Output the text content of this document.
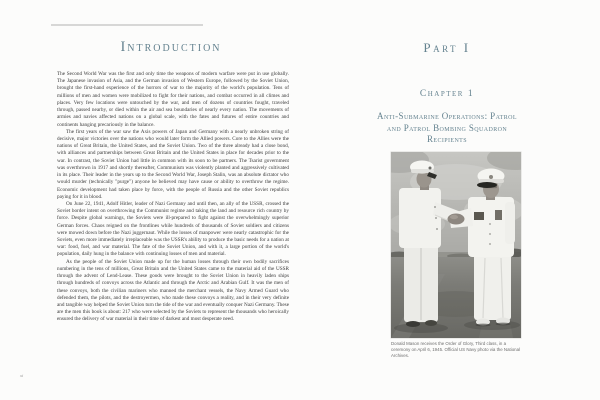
Introduction

The Second World War was the first and only time the weapons of modern warfare were put in use globally. The Japanese invasion of Asia, and the German invasion of Western Europe, followed by the Soviet Union, brought the first-hand experience of the horrors of war to the majority of the world's population. Tens of millions of men and women were mobilized to fight for their nations, and combat occurred in all climes and places. Very few locations were untouched by the war, and men of dozens of countries fought, traveled through, passed nearby, or died within the air and sea boundaries of nearly every nation. The movements of armies and navies affected nations on a global scale, with the fates and futures of entire countries and continents hanging precariously in the balance.

The first years of the war saw the Axis powers of Japan and Germany with a nearly unbroken string of decisive, major victories over the nations who would later form the Allied powers. Core to the Allies were the nations of Great Britain, the United States, and the Soviet Union. Two of the three already had a close bond, with alliances and partnerships between Great Britain and the United States in place for decades prior to the war. In contrast, the Soviet Union had little in common with its soon to be partners. The Tsarist government was overthrown in 1917 and shortly thereafter, Communism was violently planted and aggressively cultivated in its place. Their leader in the years up to the Second World War, Joseph Stalin, was an absolute dictator who would murder (technically "purge") anyone he believed may have cause or ability to overthrow the regime. Economic development had taken place by force, with the people of Russia and the other Soviet republics paying for it in blood.

On June 22, 1941, Adolf Hitler, leader of Nazi Germany and until then, an ally of the USSR, crossed the Soviet border intent on overthrowing the Communist regime and taking the land and resource rich country by force. Despite global warnings, the Soviets were ill-prepared to fight against the overwhelmingly superior German forces. Chaos reigned on the frontlines while hundreds of thousands of Soviet soldiers and citizens were mowed down before the Nazi juggernaut. While the losses of manpower were nearly catastrophic for the Soviets, even more immediately irreplaceable was the USSR's ability to produce the basic needs for a nation at war: food, fuel, and war material. The fate of the Soviet Union, and with it, a large portion of the world's population, daily hung in the balance with continuing losses of men and material.

As the people of the Soviet Union made up for the human losses through their own bodily sacrifices numbering in the tens of millions, Great Britain and the United States came to the material aid of the USSR through the advent of Lend-Lease. These goods were brought to the Soviet Union in heavily laden ships through hundreds of convoys across the Atlantic and through the Arctic and Arabian Gulf. It was the men of these convoys, both the civilian mariners who manned the merchant vessels, the Navy Armed Guard who defended them, the pilots, and the destroyermen, who made these convoys a reality, and in their very definite and tangible way helped the Soviet Union turn the tide of the war and eventually conquer Nazi Germany. These are the men this book is about: 217 who were selected by the Soviets to represent the thousands who heroically ensured the delivery of war material in their time of darkest and most desperate need.

xi
Part I
Chapter 1
Anti-Submarine Operations: Patrol
and Patrol Bombing Squadron
Recipients
Donald Mason receives the Order of Glory, Third class, in a ceremony on April 6, 1945. Official US Navy photo via the National Archives.
